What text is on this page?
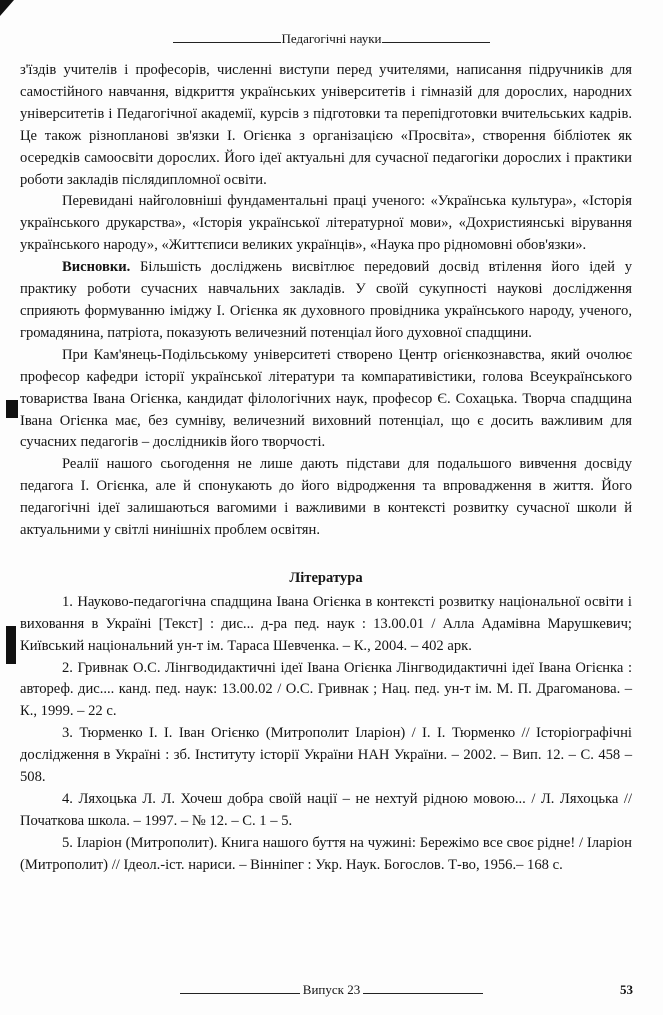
Педагогічні науки

з'їздів учителів і професорів, численні виступи перед учителями, написання підручників для самостійного навчання, відкриття українських університетів і гімназій для дорослих, народних університетів і Педагогічної академії, курсів з підготовки та перепідготовки вчительських кадрів. Це також різнопланові зв'язки І. Огієнка з організацією «Просвіта», створення бібліотек як осередків самоосвіти дорослих. Його ідеї актуальні для сучасної педагогіки дорослих і практики роботи закладів післядипломної освіти.

Перевидані найголовніші фундаментальні праці ученого: «Українська культура», «Історія українського друкарства», «Історія української літературної мови», «Дохристиянські вірування українського народу», «Життєписи великих українців», «Наука про рідномовні обов'язки».

Висновки. Більшість досліджень висвітлює передовий досвід втілення його ідей у практику роботи сучасних навчальних закладів. У своїй сукупності наукові дослідження сприяють формуванню іміджу І. Огієнка як духовного провідника українського народу, ученого, громадянина, патріота, показують величезний потенціал його духовної спадщини.

При Кам'янець-Подільському університеті створено Центр огієнкознавства, який очолює професор кафедри історії української літератури та компаративістики, голова Всеукраїнського товариства Івана Огієнка, кандидат філологічних наук, професор Є. Сохацька. Творча спадщина Івана Огієнка має, без сумніву, величезний виховний потенціал, що є досить важливим для сучасних педагогів – дослідників його творчості.

Реалії нашого сьогодення не лише дають підстави для подальшого вивчення досвіду педагога І. Огієнка, але й спонукають до його відродження та впровадження в життя. Його педагогічні ідеї залишаються вагомими і важливими в контексті розвитку сучасної школи й актуальними у світлі нинішніх проблем освітян.

Література

1. Науково-педагогічна спадщина Івана Огієнка в контексті розвитку національної освіти і виховання в Україні [Текст] : дис... д-ра пед. наук : 13.00.01 / Алла Адамівна Марушкевич; Київський національний ун-т ім. Тараса Шевченка. – К., 2004. – 402 арк.

2. Гривнак О.С. Лінгводидактичні ідеї Івана Огієнка Лінгводидактичні ідеї Івана Огієнка : автореф. дис.... канд. пед. наук: 13.00.02 / О.С. Гривнак ; Нац. пед. ун-т ім. М. П. Драгоманова. – К., 1999. – 22 с.

3. Тюрменко І. І. Іван Огієнко (Митрополит Іларіон) / І. І. Тюрменко // Історіографічні дослідження в Україні : зб. Інституту історії України НАН України. – 2002. – Вип. 12. – С. 458 – 508.

4. Ляхоцька Л. Л. Хочеш добра своїй нації – не нехтуй рідною мовою... / Л. Ляхоцька // Початкова школа. – 1997. – № 12. – С. 1 – 5.

5. Іларіон (Митрополит). Книга нашого буття на чужині: Бережімо все своє рідне! / Іларіон (Митрополит) // Ідеол.-іст. нариси. – Вінніпег : Укр. Наук. Богослов. Т-во, 1956.– 168 с.

Випуск 23	53
